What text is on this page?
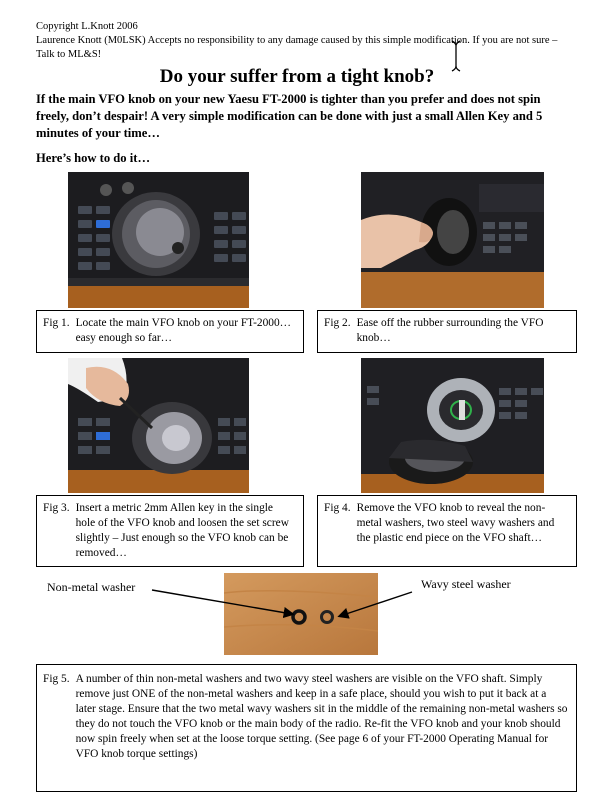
Copyright L.Knott 2006
Laurence Knott (M0LSK) Accepts no responsibility to any damage caused by this simple modification. If you are not sure – Talk to ML&S!
Do your suffer from a tight knob?
If the main VFO knob on your new Yaesu FT-2000 is tighter than you prefer and does not spin freely, don’t despair! A very simple modification can be done with just a small Allen Key and 5 minutes of your time…
Here’s how to do it…
Fig 1. Locate the main VFO knob on your FT-2000…easy enough so far…
Fig 2. Ease off the rubber surrounding the VFO knob…
Fig 3. Insert a metric 2mm Allen key in the single hole of the VFO knob and loosen the set screw slightly – Just enough so the VFO knob can be removed…
Fig 4. Remove the VFO knob to reveal the non-metal washers, two steel wavy washers and the plastic end piece on the VFO shaft…
Non-metal washer	Wavy steel washer
Fig 5. A number of thin non-metal washers and two wavy steel washers are visible on the VFO shaft. Simply remove just ONE of the non-metal washers and keep in a safe place, should you wish to put it back at a later stage. Ensure that the two metal wavy washers sit in the middle of the remaining non-metal washers so they do not touch the VFO knob or the main body of the radio. Re-fit the VFO knob and your knob should now spin freely when set at the loose torque setting. (See page 6 of your FT-2000 Operating Manual for VFO knob torque settings)
